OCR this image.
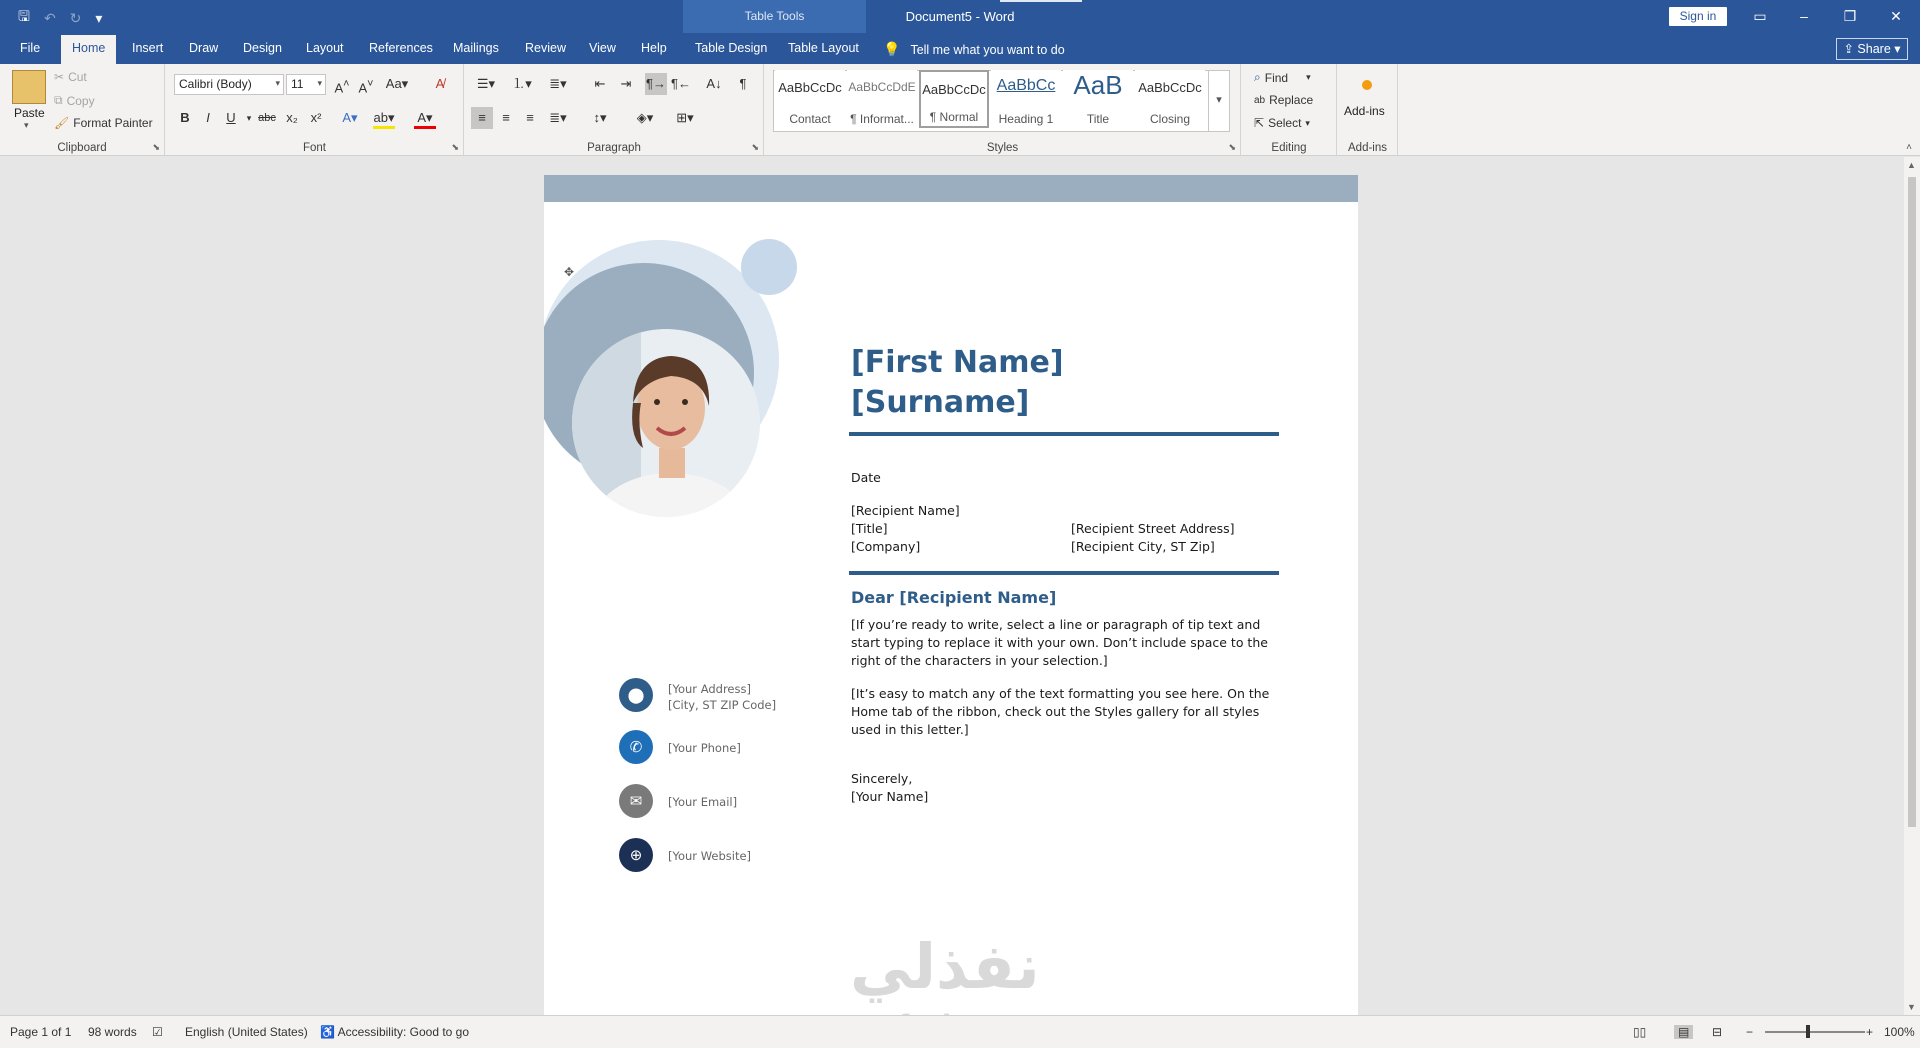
🖫 ↶ ↻ ▾	Table Tools	Document5 - Word	Sign in	▭	–	❐	✕
File	Home	Insert Draw Design Layout References Mailings Review View Help Table Design Table Layout 💡 Tell me what you want to do	⇪ Share ▾
Paste
▾
✂ Cut
⧉ Copy
🖌 Format Painter
Clipboard	⬊
Calibri (Body)	▾ 11 ▾ A˄ A˅ Aa▾	A̸
B	I	U	▾ abc x₂ x²	A▾ ab▾ A▾
Font	⬊
☰▾	⒈▾	≣▾	⇤	⇥	¶→ ¶← A↓	¶
≡	≡	≡	≣▾	↕▾	◈▾	⊞▾
Paragraph	⬊
AaBbCcDc
Contact
AaBbCcDdE
¶ Informat...
AaBbCcDc
¶ Normal
AaBbCc
Heading 1
AaB
Title
AaBbCcDc
Closing
▾
Styles	⬊
⌕ Find ▾
ab Replace
⇱ Select ▾
Editing
Add-ins
Add-ins	˄
▲
▼
✥
[First Name]
[Surname]
Date
[Recipient Name]
[Title]
[Company]
[Recipient Street Address]
[Recipient City, ST Zip]
Dear [Recipient Name]
[If you’re ready to write, select a line or paragraph of tip text and start typing to replace it with your own. Don’t include space to the right of the characters in your selection.]
[It’s easy to match any of the text formatting you see here. On the Home tab of the ribbon, check out the Styles gallery for all styles used in this letter.]
Sincerely,
[Your Name]
⬤	[Your Address]
[City, ST ZIP Code]
✆	[Your Phone]
✉	[Your Email]
⊕	[Your Website]
نفذلي
Page 1 of 1 98 words ☑ English (United States) ♿ Accessibility: Good to go	▯▯	▤	⊟ −	+ 100%
